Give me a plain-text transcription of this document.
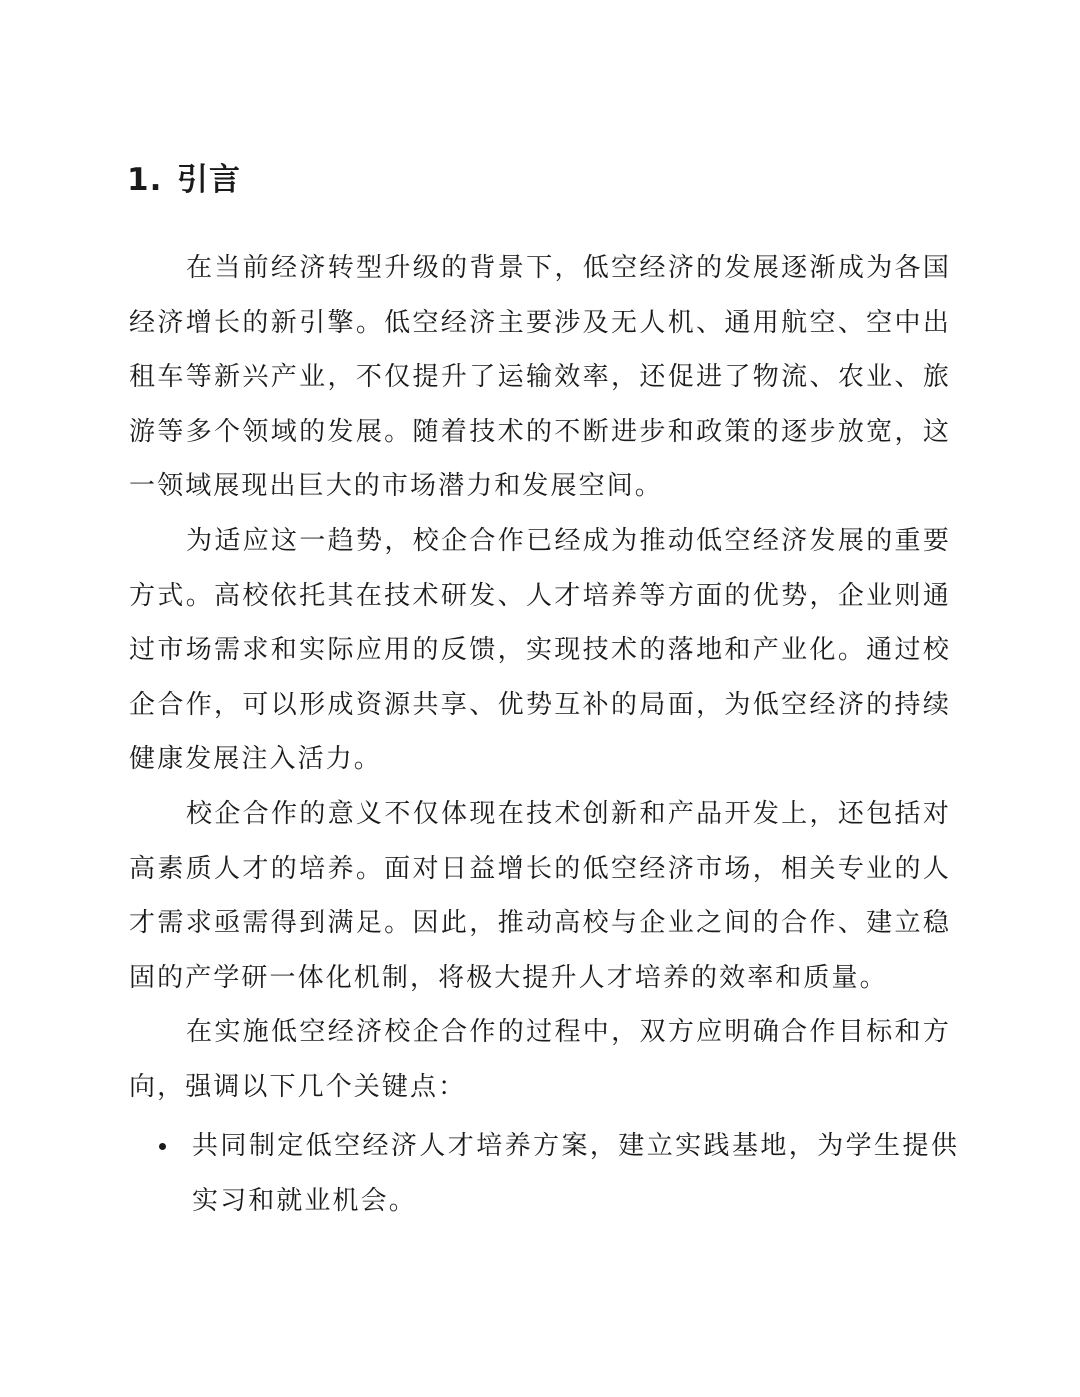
1. 引言

在当前经济转型升级的背景下，低空经济的发展逐渐成为各国经济增长的新引擎。低空经济主要涉及无人机、通用航空、空中出租车等新兴产业，不仅提升了运输效率，还促进了物流、农业、旅游等多个领域的发展。随着技术的不断进步和政策的逐步放宽，这一领域展现出巨大的市场潜力和发展空间。

为适应这一趋势，校企合作已经成为推动低空经济发展的重要方式。高校依托其在技术研发、人才培养等方面的优势，企业则通过市场需求和实际应用的反馈，实现技术的落地和产业化。通过校企合作，可以形成资源共享、优势互补的局面，为低空经济的持续健康发展注入活力。

校企合作的意义不仅体现在技术创新和产品开发上，还包括对高素质人才的培养。面对日益增长的低空经济市场，相关专业的人才需求亟需得到满足。因此，推动高校与企业之间的合作、建立稳固的产学研一体化机制，将极大提升人才培养的效率和质量。

在实施低空经济校企合作的过程中，双方应明确合作目标和方向，强调以下几个关键点：

共同制定低空经济人才培养方案，建立实践基地，为学生提供实习和就业机会。
